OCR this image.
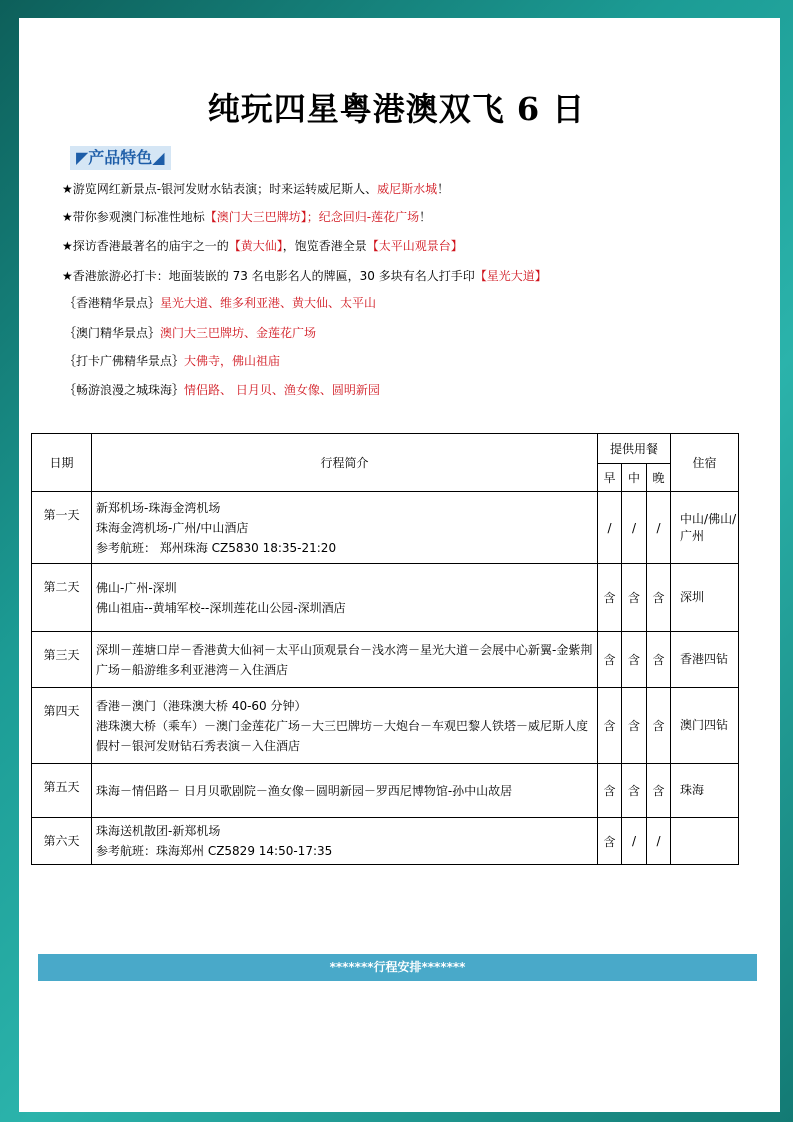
纯玩四星粤港澳双飞 6 日
◤产品特色◢
★游览网红新景点-银河发财水钻表演；时来运转威尼斯人、威尼斯水城！
★带你参观澳门标准性地标【澳门大三巴牌坊】；纪念回归-莲花广场！
★探访香港最著名的庙宇之一的【黄大仙】，饱览香港全景【太平山观景台】
★香港旅游必打卡：地面装嵌的 73 名电影名人的牌匾，30 多块有名人打手印【星光大道】
｛香港精华景点｝星光大道、维多利亚港、黄大仙、太平山
｛澳门精华景点｝澳门大三巴牌坊、金莲花广场
｛打卡广佛精华景点｝大佛寺，佛山祖庙
｛畅游浪漫之城珠海｝情侣路、 日月贝、渔女像、圆明新园
日期	行程简介	提供用餐			住宿
		早	中	晚	
第一天	新郑机场-珠海金湾机场
珠海金湾机场-广州/中山酒店
参考航班： 郑州珠海 CZ5830 18:35-21:20	/	/	/	中山/佛山/广州
第二天	佛山-广州-深圳
佛山祖庙--黄埔军校--深圳莲花山公园-深圳酒店	含	含	含	深圳
第三天	深圳－莲塘口岸－香港黄大仙祠－太平山顶观景台－浅水湾－星光大道－会展中心新翼-金紫荆广场－船游维多利亚港湾－入住酒店	含	含	含	香港四钻
第四天	香港－澳门（港珠澳大桥 40-60 分钟）
港珠澳大桥（乘车）－澳门金莲花广场－大三巴牌坊－大炮台－车观巴黎人铁塔－威尼斯人度假村－银河发财钻石秀表演－入住酒店	含	含	含	澳门四钻
第五天	珠海－情侣路－ 日月贝歌剧院－渔女像－圆明新园－罗西尼博物馆-孙中山故居	含	含	含	珠海
第六天	珠海送机散团-新郑机场
参考航班：珠海郑州 CZ5829 14:50-17:35	含	/	/	
*******行程安排*******
